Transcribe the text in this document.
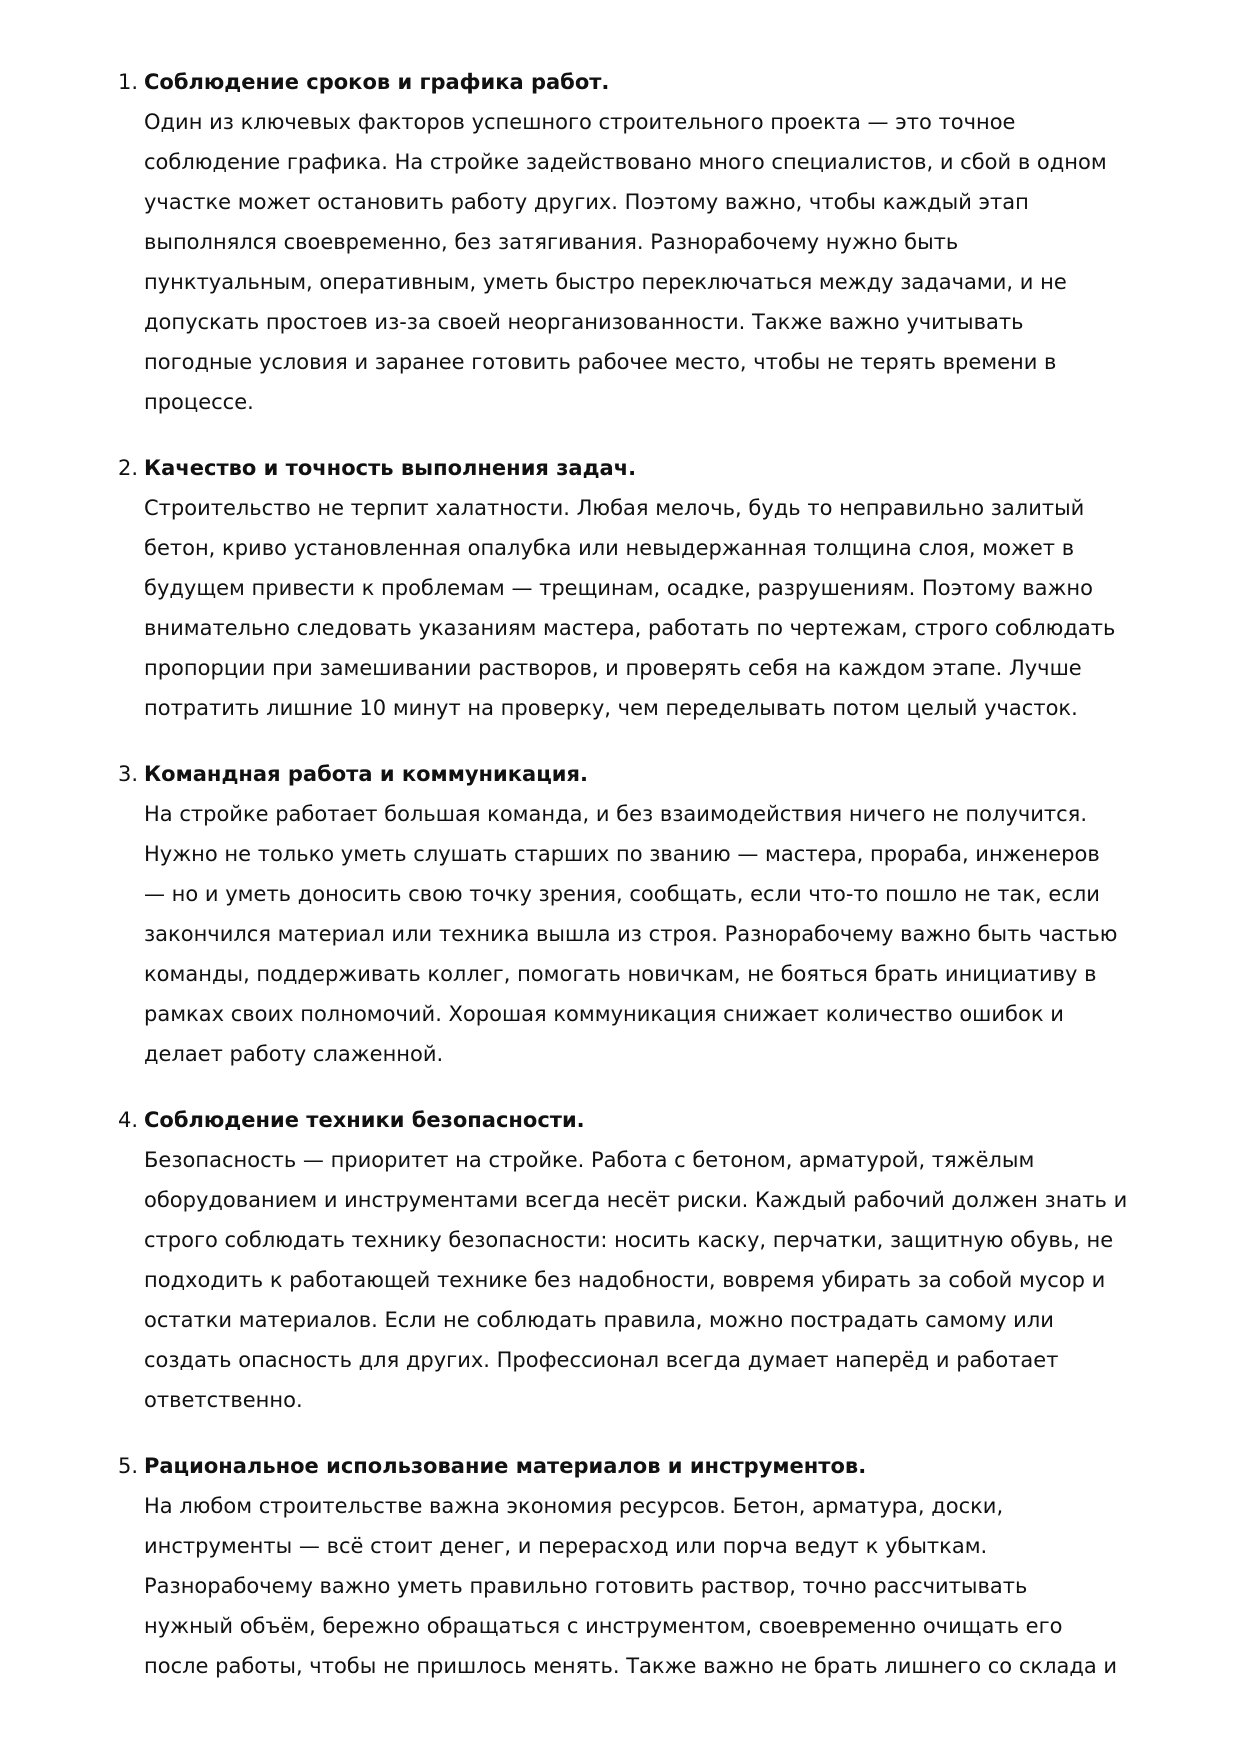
1. Соблюдение сроков и графика работ.
Один из ключевых факторов успешного строительного проекта — это точное
соблюдение графика. На стройке задействовано много специалистов, и сбой в одном
участке может остановить работу других. Поэтому важно, чтобы каждый этап
выполнялся своевременно, без затягивания. Разнорабочему нужно быть
пунктуальным, оперативным, уметь быстро переключаться между задачами, и не
допускать простоев из-за своей неорганизованности. Также важно учитывать
погодные условия и заранее готовить рабочее место, чтобы не терять времени в
процессе.
2. Качество и точность выполнения задач.
Строительство не терпит халатности. Любая мелочь, будь то неправильно залитый
бетон, криво установленная опалубка или невыдержанная толщина слоя, может в
будущем привести к проблемам — трещинам, осадке, разрушениям. Поэтому важно
внимательно следовать указаниям мастера, работать по чертежам, строго соблюдать
пропорции при замешивании растворов, и проверять себя на каждом этапе. Лучше
потратить лишние 10 минут на проверку, чем переделывать потом целый участок.
3. Командная работа и коммуникация.
На стройке работает большая команда, и без взаимодействия ничего не получится.
Нужно не только уметь слушать старших по званию — мастера, прораба, инженеров
— но и уметь доносить свою точку зрения, сообщать, если что-то пошло не так, если
закончился материал или техника вышла из строя. Разнорабочему важно быть частью
команды, поддерживать коллег, помогать новичкам, не бояться брать инициативу в
рамках своих полномочий. Хорошая коммуникация снижает количество ошибок и
делает работу слаженной.
4. Соблюдение техники безопасности.
Безопасность — приоритет на стройке. Работа с бетоном, арматурой, тяжёлым
оборудованием и инструментами всегда несёт риски. Каждый рабочий должен знать и
строго соблюдать технику безопасности: носить каску, перчатки, защитную обувь, не
подходить к работающей технике без надобности, вовремя убирать за собой мусор и
остатки материалов. Если не соблюдать правила, можно пострадать самому или
создать опасность для других. Профессионал всегда думает наперёд и работает
ответственно.
5. Рациональное использование материалов и инструментов.
На любом строительстве важна экономия ресурсов. Бетон, арматура, доски,
инструменты — всё стоит денег, и перерасход или порча ведут к убыткам.
Разнорабочему важно уметь правильно готовить раствор, точно рассчитывать
нужный объём, бережно обращаться с инструментом, своевременно очищать его
после работы, чтобы не пришлось менять. Также важно не брать лишнего со склада и
